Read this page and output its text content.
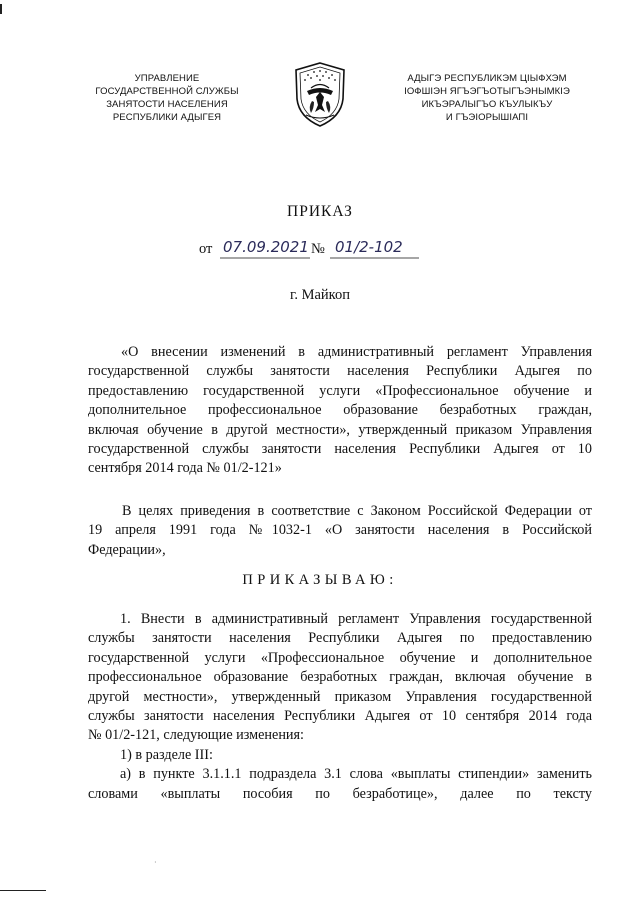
УПРАВЛЕНИЕ
ГОСУДАРСТВЕННОЙ СЛУЖБЫ
ЗАНЯТОСТИ НАСЕЛЕНИЯ
РЕСПУБЛИКИ АДЫГЕЯ
АДЫГЭ РЕСПУБЛИКЭМ ЦIЫФХЭМ
IОФШIЭН ЯГЪЭГЪОТЫГЪЭНЫМКIЭ
ИКЪЭРАЛЫГЪО КЪУЛЫКЪУ
И ГЪЭIОРЫШIАПI
ПРИКАЗ
от 07.09.2021 № 01/2-102
г. Майкоп

«О внесении изменений в административный регламент Управления

государственной службы занятости населения Республики Адыгея по

предоставлению государственной услуги «Профессиональное обучение и

дополнительное профессиональное образование безработных граждан,

включая обучение в другой местности», утвержденный приказом Управления

государственной службы занятости населения Республики Адыгея от 10

сентября 2014 года № 01/2-121»

В целях приведения в соответствие с Законом Российской Федерации от

19 апреля 1991 года №1032-1 «О занятости населения в Российской

Федерации»,

ПРИКАЗЫВАЮ:

1. Внести в административный регламент Управления государственной

службы занятости населения Республики Адыгея по предоставлению

государственной услуги «Профессиональное обучение и дополнительное

профессиональное образование безработных граждан, включая обучение в

другой местности», утвержденный приказом Управления государственной

службы занятости населения Республики Адыгея от 10 сентября 2014 года

№ 01/2-121, следующие изменения:

1) в разделе III:

а) в пункте 3.1.1.1 подраздела 3.1 слова «выплаты стипендии» заменить

словами «выплаты пособия по безработице», далее по тексту

·
